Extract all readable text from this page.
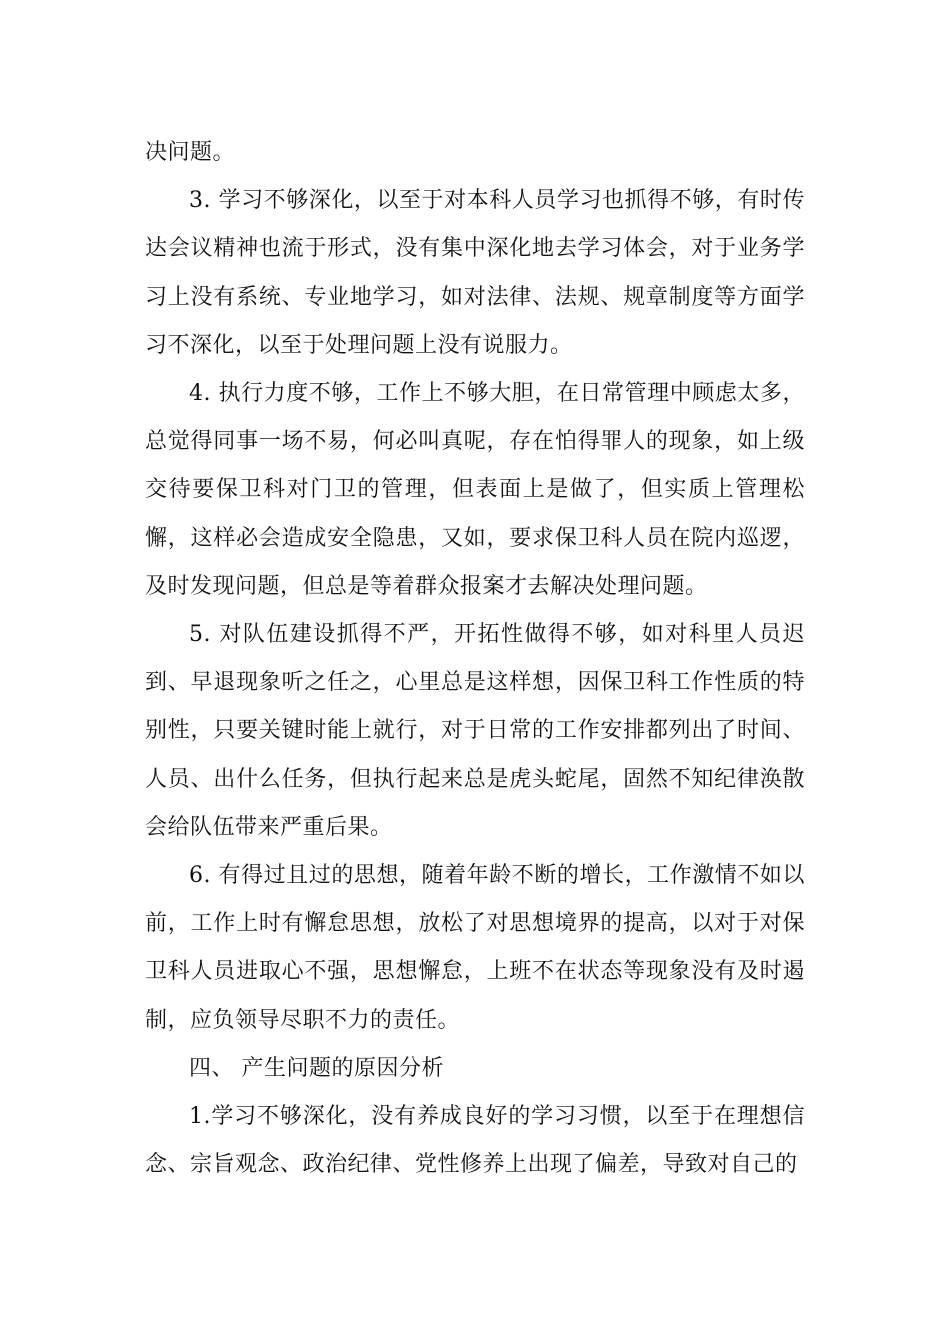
决问题。

3. 学习不够深化，以至于对本科人员学习也抓得不够，有时传达会议精神也流于形式，没有集中深化地去学习体会，对于业务学习上没有系统、专业地学习，如对法律、法规、规章制度等方面学习不深化，以至于处理问题上没有说服力。

4. 执行力度不够，工作上不够大胆，在日常管理中顾虑太多，总觉得同事一场不易，何必叫真呢，存在怕得罪人的现象，如上级交待要保卫科对门卫的管理，但表面上是做了，但实质上管理松懈，这样必会造成安全隐患，又如，要求保卫科人员在院内巡逻，及时发现问题，但总是等着群众报案才去解决处理问题。

5. 对队伍建设抓得不严，开拓性做得不够，如对科里人员迟到、早退现象听之任之，心里总是这样想，因保卫科工作性质的特别性，只要关键时能上就行，对于日常的工作安排都列出了时间、人员、出什么任务，但执行起来总是虎头蛇尾，固然不知纪律涣散会给队伍带来严重后果。

6. 有得过且过的思想，随着年龄不断的增长，工作激情不如以前，工作上时有懈怠思想，放松了对思想境界的提高，以对于对保卫科人员进取心不强，思想懈怠，上班不在状态等现象没有及时遏制，应负领导尽职不力的责任。

四、 产生问题的原因分析

1.学习不够深化，没有养成良好的学习习惯，以至于在理想信念、宗旨观念、政治纪律、党性修养上出现了偏差，导致对自己的
